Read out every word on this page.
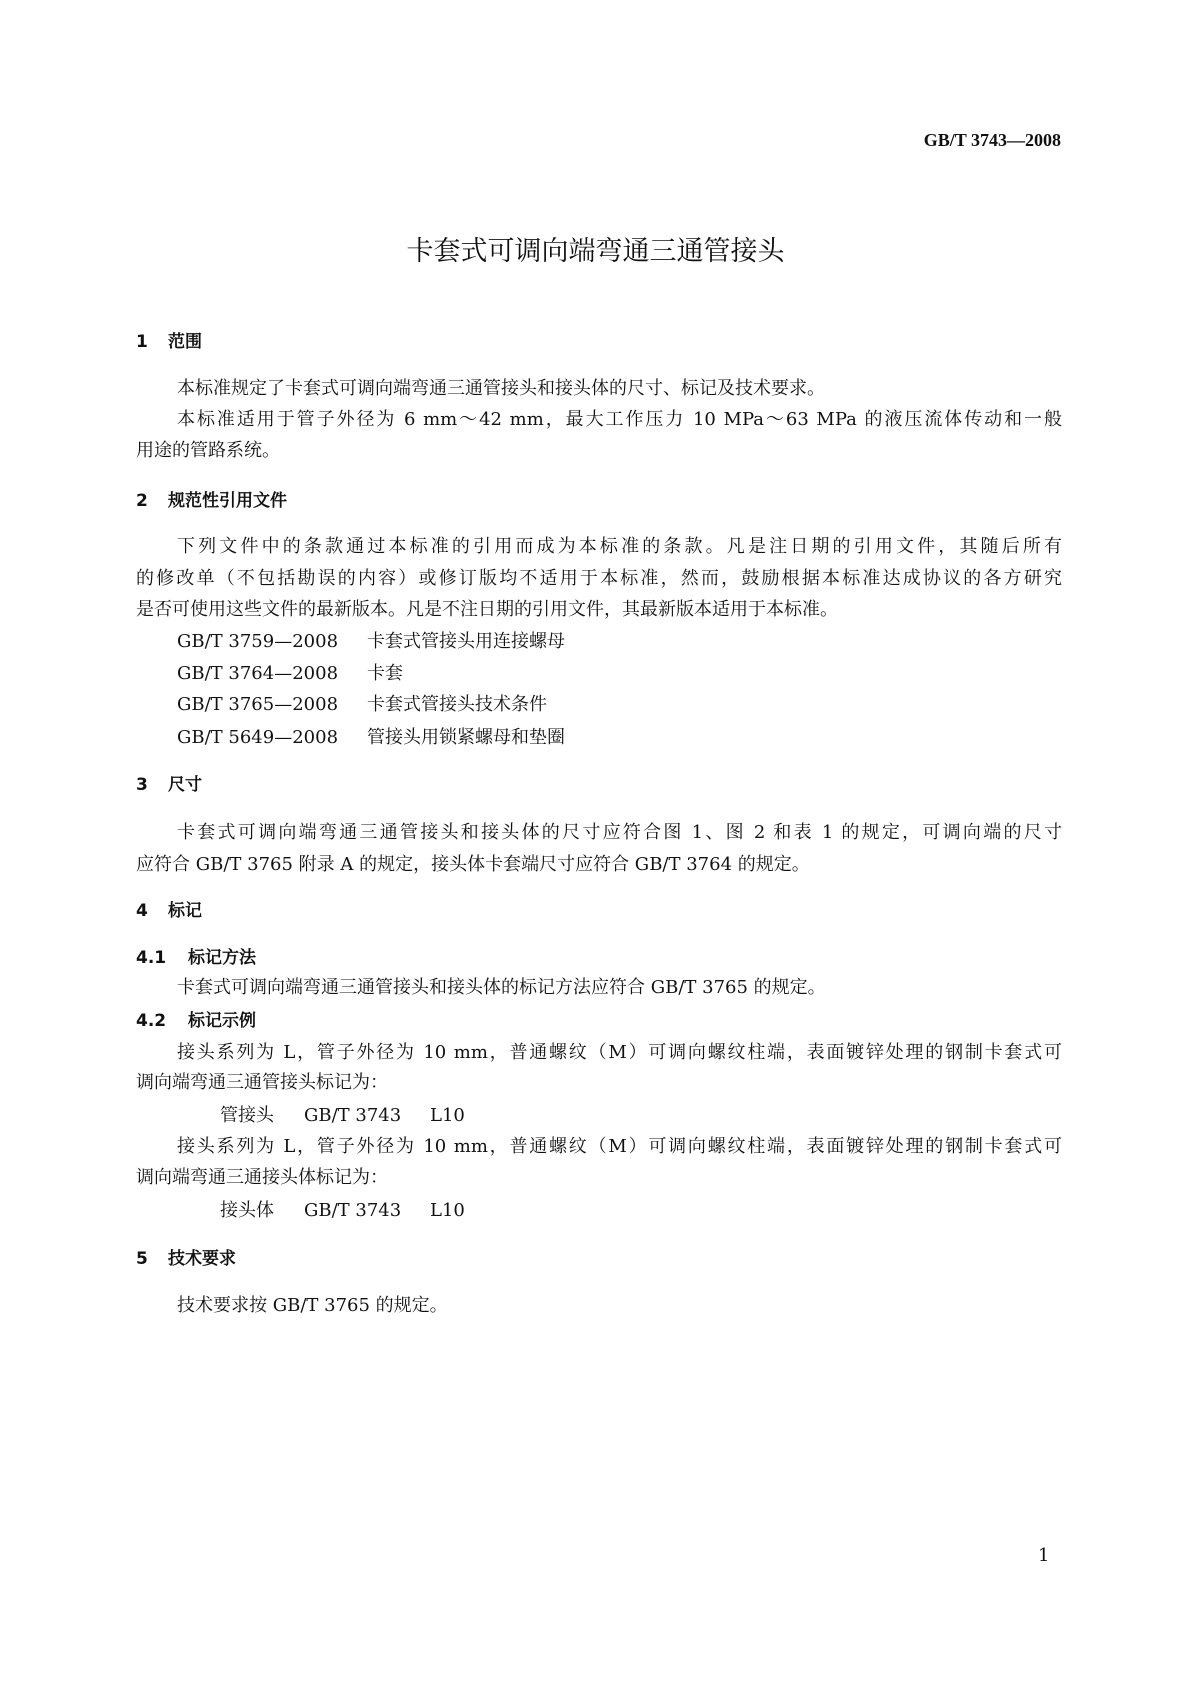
GB/T 3743—2008
卡套式可调向端弯通三通管接头
1 范围
本标准规定了卡套式可调向端弯通三通管接头和接头体的尺寸、标记及技术要求。
本标准适用于管子外径为 6 mm～42 mm，最大工作压力 10 MPa～63 MPa 的液压流体传动和一般
用途的管路系统。
2 规范性引用文件
下列文件中的条款通过本标准的引用而成为本标准的条款。凡是注日期的引用文件，其随后所有
的修改单（不包括勘误的内容）或修订版均不适用于本标准，然而，鼓励根据本标准达成协议的各方研究
是否可使用这些文件的最新版本。凡是不注日期的引用文件，其最新版本适用于本标准。
GB/T 3759—2008 卡套式管接头用连接螺母
GB/T 3764—2008 卡套
GB/T 3765—2008 卡套式管接头技术条件
GB/T 5649—2008 管接头用锁紧螺母和垫圈
3 尺寸
卡套式可调向端弯通三通管接头和接头体的尺寸应符合图 1、图 2 和表 1 的规定，可调向端的尺寸
应符合 GB/T 3765 附录 A 的规定，接头体卡套端尺寸应符合 GB/T 3764 的规定。
4 标记
4.1 标记方法
卡套式可调向端弯通三通管接头和接头体的标记方法应符合 GB/T 3765 的规定。
4.2 标记示例
接头系列为 L，管子外径为 10 mm，普通螺纹（M）可调向螺纹柱端，表面镀锌处理的钢制卡套式可
调向端弯通三通管接头标记为：
管接头 GB/T 3743 L10
接头系列为 L，管子外径为 10 mm，普通螺纹（M）可调向螺纹柱端，表面镀锌处理的钢制卡套式可
调向端弯通三通接头体标记为：
接头体 GB/T 3743 L10
5 技术要求
技术要求按 GB/T 3765 的规定。
1
